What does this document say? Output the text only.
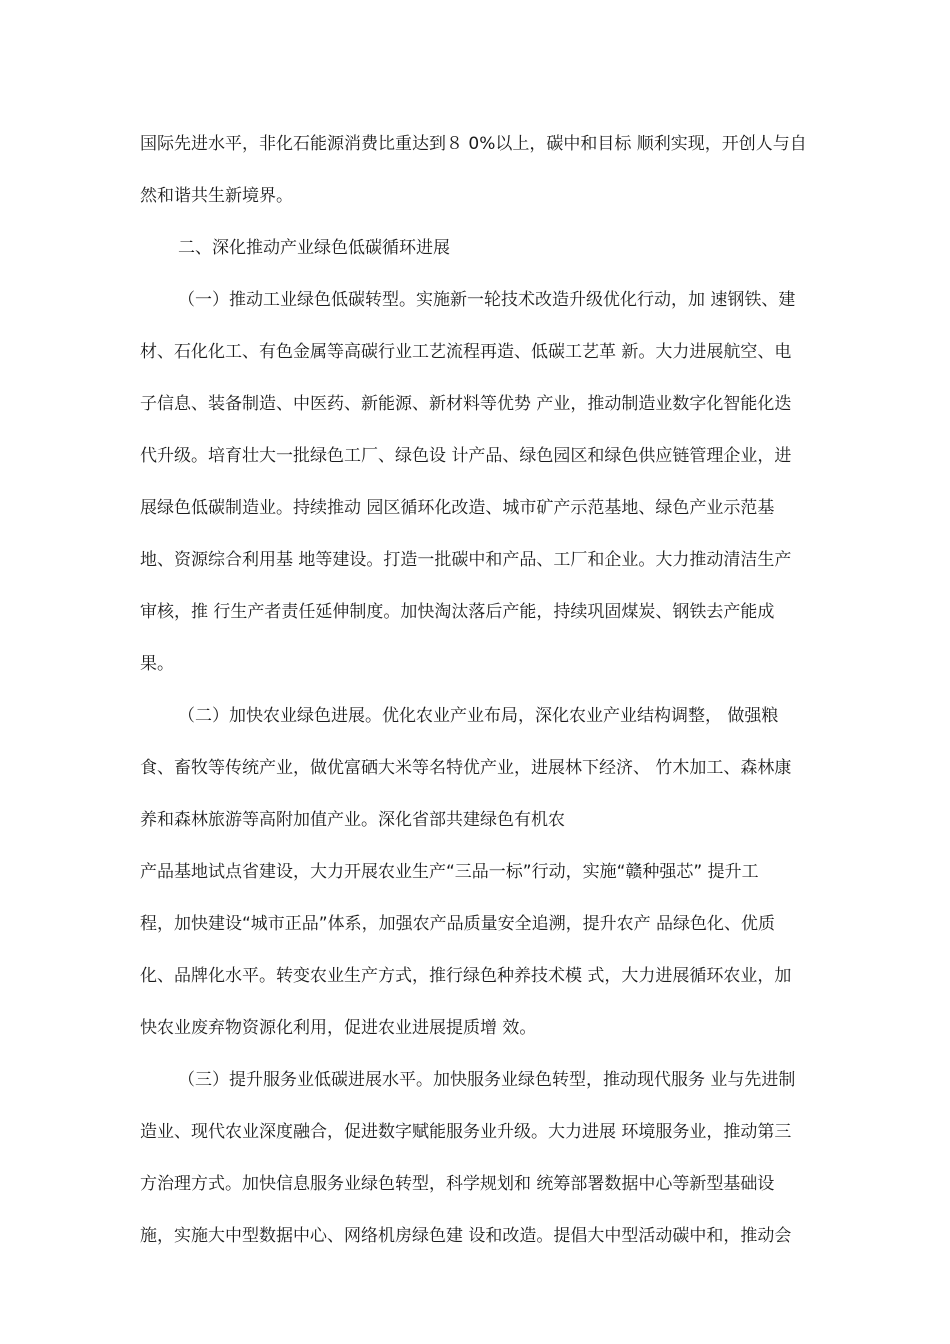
国际先进水平，非化石能源消费比重达到８ 0%以上，碳中和目标 顺利实现，开创人与自
然和谐共生新境界。
二、深化推动产业绿色低碳循环进展
（一）推动工业绿色低碳转型。实施新一轮技术改造升级优化行动，加 速钢铁、建
材、石化化工、有色金属等高碳行业工艺流程再造、低碳工艺革 新。大力进展航空、电
子信息、装备制造、中医药、新能源、新材料等优势 产业，推动制造业数字化智能化迭
代升级。培育壮大一批绿色工厂、绿色设 计产品、绿色园区和绿色供应链管理企业，进
展绿色低碳制造业。持续推动 园区循环化改造、城市矿产示范基地、绿色产业示范基
地、资源综合利用基 地等建设。打造一批碳中和产品、工厂和企业。大力推动清洁生产
审核，推 行生产者责任延伸制度。加快淘汰落后产能，持续巩固煤炭、钢铁去产能成
果。
（二）加快农业绿色进展。优化农业产业布局，深化农业产业结构调整， 做强粮
食、畜牧等传统产业，做优富硒大米等名特优产业，进展林下经济、 竹木加工、森林康
养和森林旅游等高附加值产业。深化省部共建绿色有机农
产品基地试点省建设，大力开展农业生产“三品一标”行动，实施“赣种强芯” 提升工
程，加快建设“城市正品”体系，加强农产品质量安全追溯，提升农产 品绿色化、优质
化、品牌化水平。转变农业生产方式，推行绿色种养技术模 式，大力进展循环农业，加
快农业废弃物资源化利用，促进农业进展提质增 效。
（三）提升服务业低碳进展水平。加快服务业绿色转型，推动现代服务 业与先进制
造业、现代农业深度融合，促进数字赋能服务业升级。大力进展 环境服务业，推动第三
方治理方式。加快信息服务业绿色转型，科学规划和 统筹部署数据中心等新型基础设
施，实施大中型数据中心、网络机房绿色建 设和改造。提倡大中型活动碳中和，推动会
